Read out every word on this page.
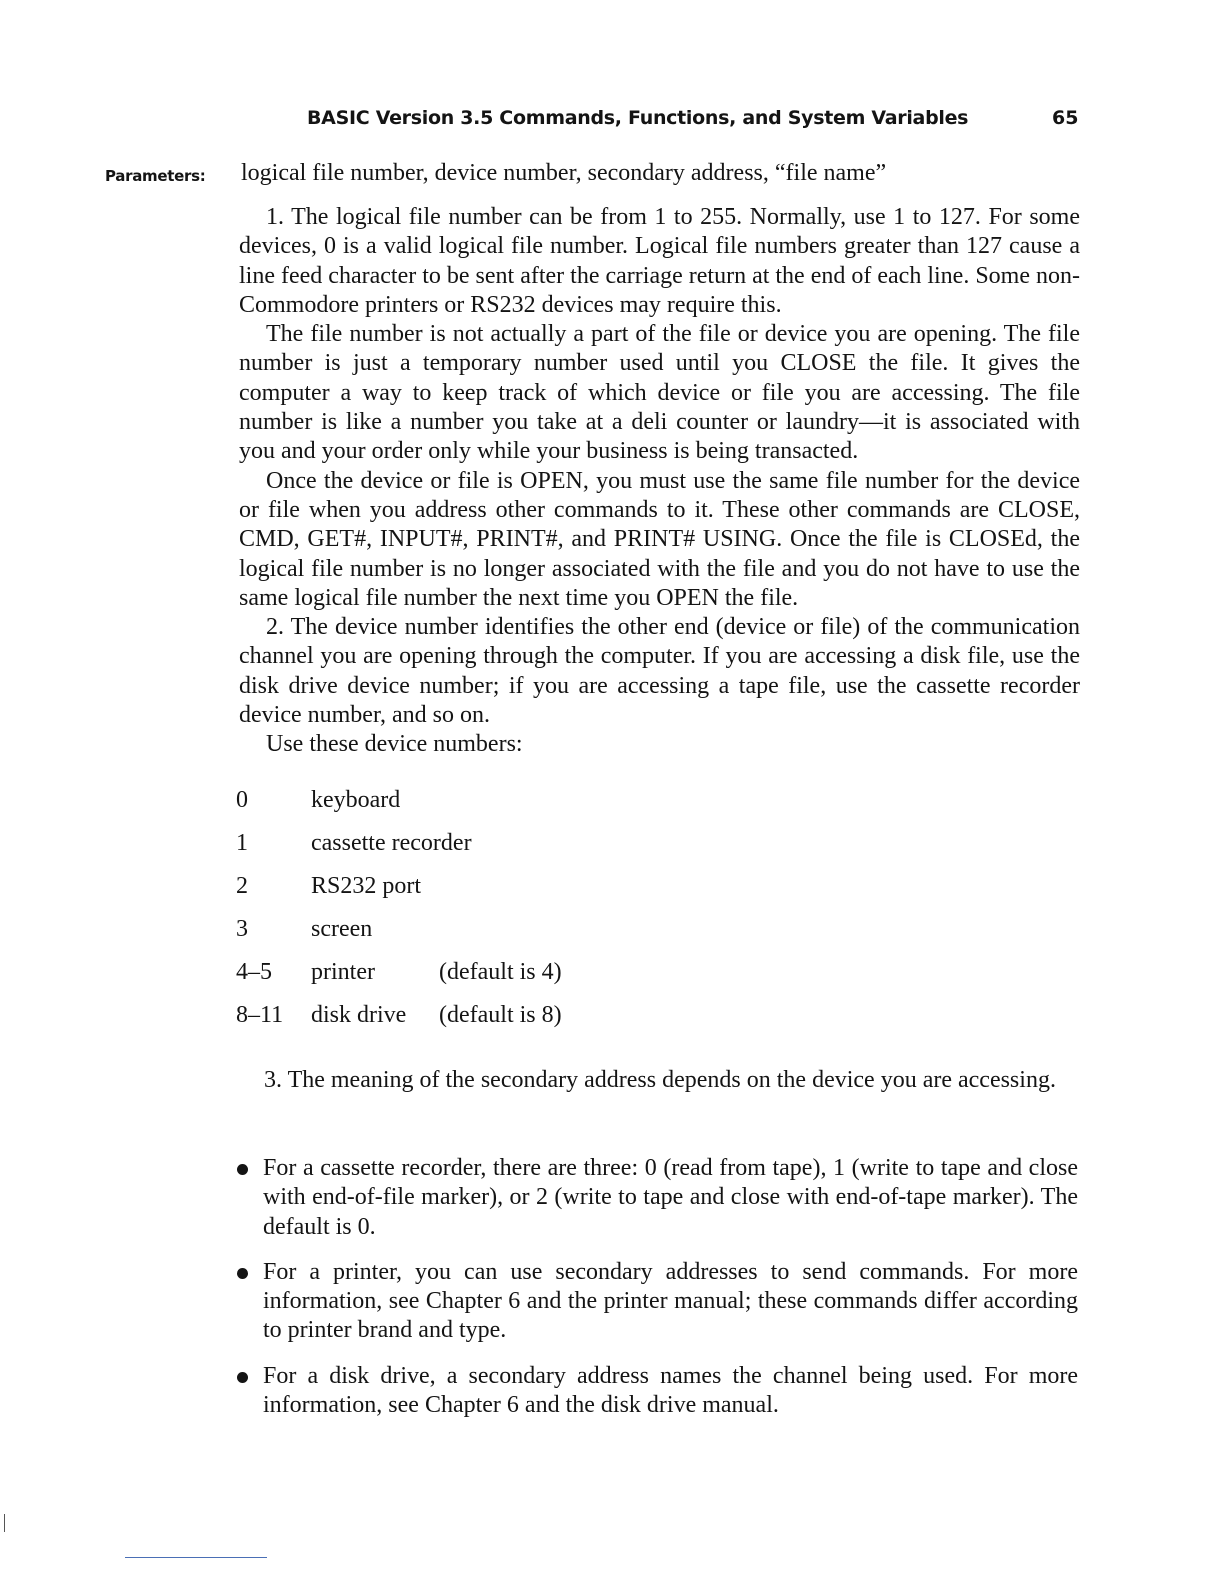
BASIC Version 3.5 Commands, Functions, and System Variables	65
Parameters: logical file number, device number, secondary address, “file name”

1. The logical file number can be from 1 to 255. Normally, use 1 to 127. For some devices, 0 is a valid logical file number. Logical file numbers greater than 127 cause a line feed character to be sent after the carriage return at the end of each line. Some non-Commodore printers or RS232 devices may require this.

The file number is not actually a part of the file or device you are opening. The file number is just a temporary number used until you CLOSE the file. It gives the computer a way to keep track of which device or file you are accessing. The file number is like a number you take at a deli counter or laundry—it is associated with you and your order only while your business is being transacted.

Once the device or file is OPEN, you must use the same file number for the device or file when you address other commands to it. These other commands are CLOSE, CMD, GET#, INPUT#, PRINT#, and PRINT# USING. Once the file is CLOSEd, the logical file number is no longer associated with the file and you do not have to use the same logical file number the next time you OPEN the file.

2. The device number identifies the other end (device or file) of the communication channel you are opening through the computer. If you are accessing a disk file, use the disk drive device number; if you are accessing a tape file, use the cassette recorder device number, and so on.

Use these device numbers:

0	keyboard
1	cassette recorder
2	RS232 port
3	screen
4–5 printer	(default is 4)
8–11 disk drive (default is 8)

3. The meaning of the secondary address depends on the device you are accessing.

For a cassette recorder, there are three: 0 (read from tape), 1 (write to tape and close with end-of-file marker), or 2 (write to tape and close with end-of-tape marker). The default is 0.
For a printer, you can use secondary addresses to send commands. For more information, see Chapter 6 and the printer manual; these commands differ according to printer brand and type.
For a disk drive, a secondary address names the channel being used. For more information, see Chapter 6 and the disk drive manual.
